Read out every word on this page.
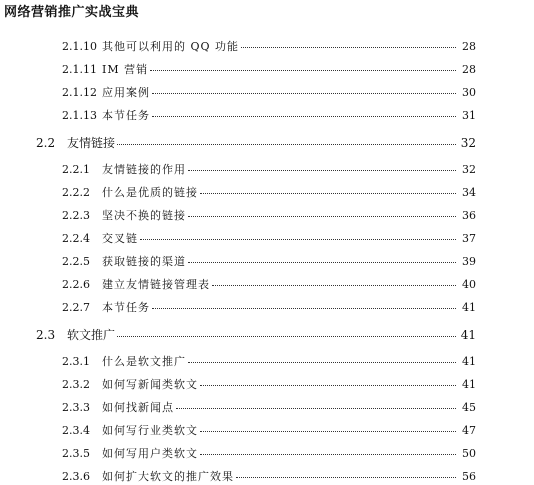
网络营销推广实战宝典
2.1.10 其他可以利用的 QQ 功能	28
2.1.11 IM 营销	28
2.1.12 应用案例	30
2.1.13 本节任务	31
2.2 友情链接	32
2.2.1	友情链接的作用	32
2.2.2	什么是优质的链接	34
2.2.3	坚决不换的链接	36
2.2.4	交叉链	37
2.2.5	获取链接的渠道	39
2.2.6	建立友情链接管理表	40
2.2.7	本节任务	41
2.3 软文推广	41
2.3.1	什么是软文推广	41
2.3.2	如何写新闻类软文	41
2.3.3	如何找新闻点	45
2.3.4	如何写行业类软文	47
2.3.5	如何写用户类软文	50
2.3.6	如何扩大软文的推广效果	56
